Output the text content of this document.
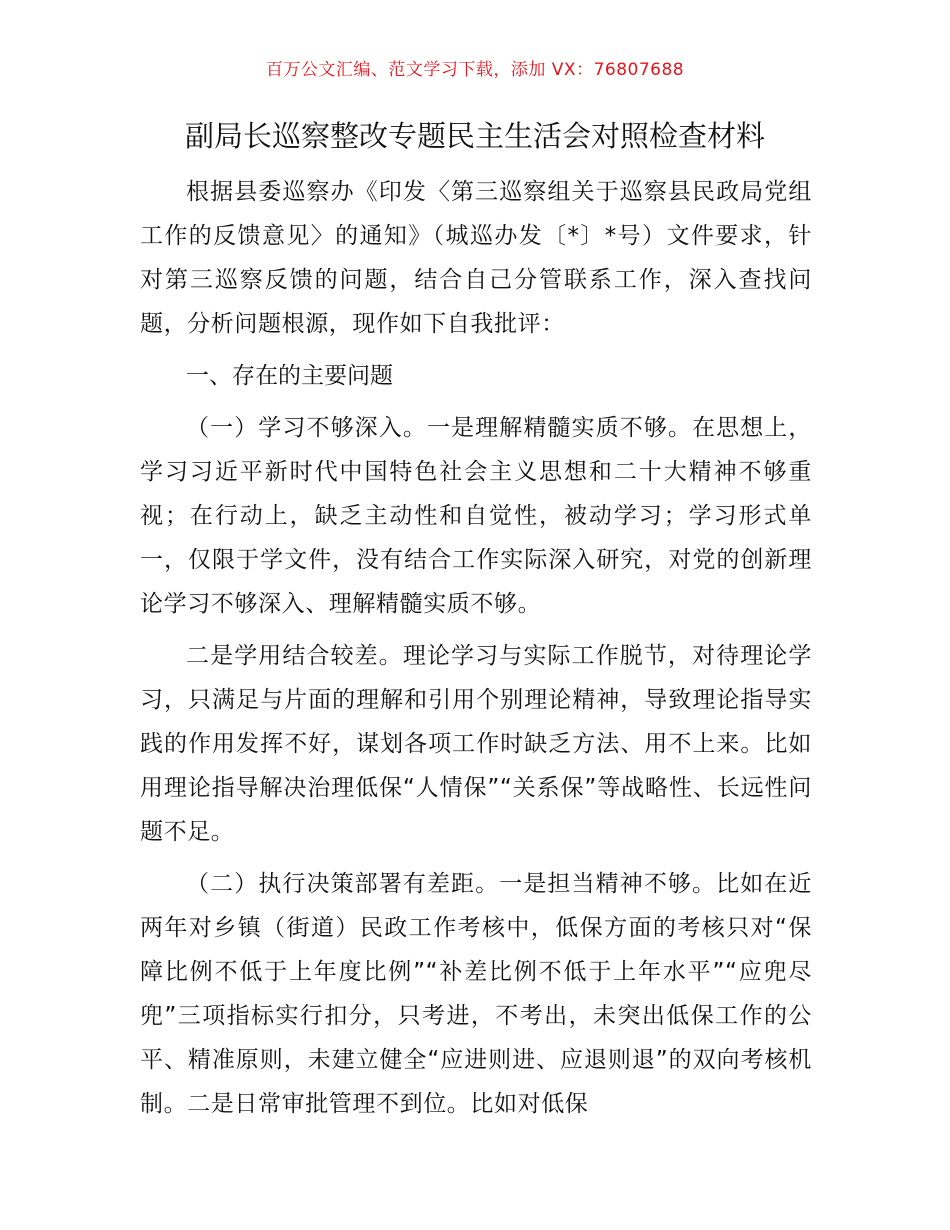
百万公文汇编、范文学习下载，添加 VX：76807688
副局长巡察整改专题民主生活会对照检查材料

根据县委巡察办《印发〈第三巡察组关于巡察县民政局党组工作的反馈意见〉的通知》（城巡办发〔*〕*号）文件要求，针对第三巡察反馈的问题，结合自己分管联系工作，深入查找问题，分析问题根源，现作如下自我批评：

一、存在的主要问题

（一）学习不够深入。一是理解精髓实质不够。在思想上，学习习近平新时代中国特色社会主义思想和二十大精神不够重视；在行动上，缺乏主动性和自觉性，被动学习；学习形式单一，仅限于学文件，没有结合工作实际深入研究，对党的创新理论学习不够深入、理解精髓实质不够。

二是学用结合较差。理论学习与实际工作脱节，对待理论学习，只满足与片面的理解和引用个别理论精神，导致理论指导实践的作用发挥不好，谋划各项工作时缺乏方法、用不上来。比如用理论指导解决治理低保“人情保”“关系保”等战略性、长远性问题不足。

（二）执行决策部署有差距。一是担当精神不够。比如在近两年对乡镇（街道）民政工作考核中，低保方面的考核只对“保障比例不低于上年度比例”“补差比例不低于上年水平”“应兜尽兜”三项指标实行扣分，只考进，不考出，未突出低保工作的公平、精准原则，未建立健全“应进则进、应退则退”的双向考核机制。二是日常审批管理不到位。比如对低保
